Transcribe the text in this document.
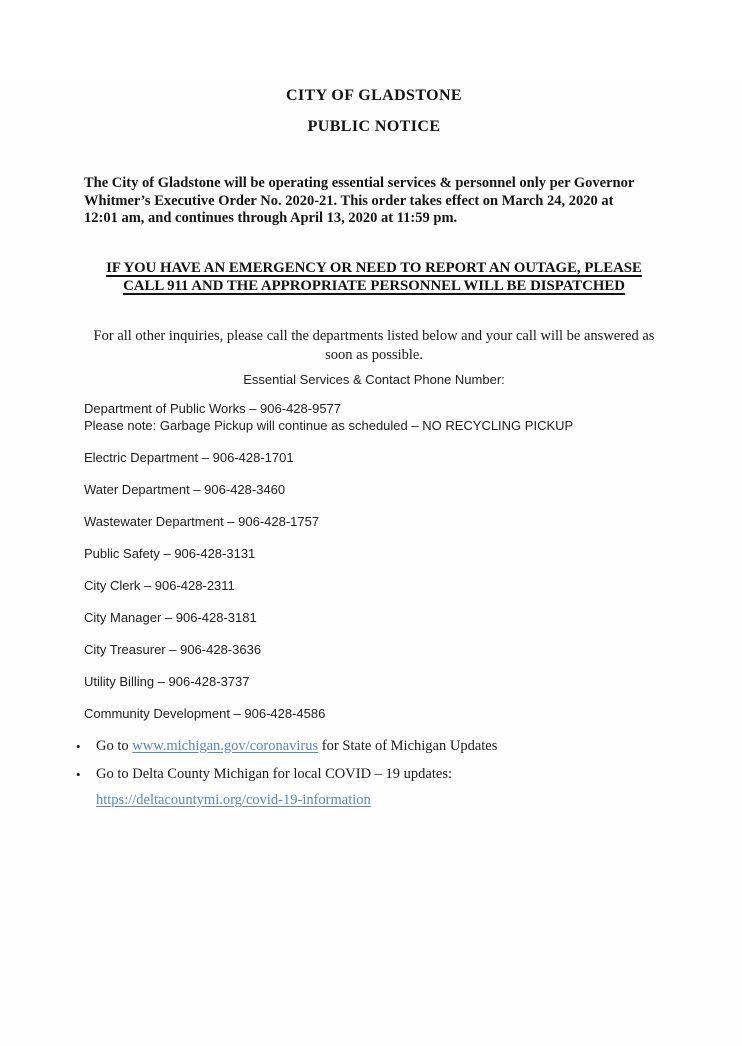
CITY OF GLADSTONE
PUBLIC NOTICE
The City of Gladstone will be operating essential services & personnel only per Governor
Whitmer’s Executive Order No. 2020-21. This order takes effect on March 24, 2020 at
12:01 am, and continues through April 13, 2020 at 11:59 pm.
IF YOU HAVE AN EMERGENCY OR NEED TO REPORT AN OUTAGE, PLEASE
CALL 911 AND THE APPROPRIATE PERSONNEL WILL BE DISPATCHED
For all other inquiries, please call the departments listed below and your call will be answered as
soon as possible.
Essential Services & Contact Phone Number:
Department of Public Works – 906-428-9577
Please note: Garbage Pickup will continue as scheduled – NO RECYCLING PICKUP
Electric Department – 906-428-1701
Water Department – 906-428-3460
Wastewater Department – 906-428-1757
Public Safety – 906-428-3131
City Clerk – 906-428-2311
City Manager – 906-428-3181
City Treasurer – 906-428-3636
Utility Billing – 906-428-3737
Community Development – 906-428-4586
•	Go to www.michigan.gov/coronavirus for State of Michigan Updates
•	Go to Delta County Michigan for local COVID – 19 updates:
https://deltacountymi.org/covid-19-information
